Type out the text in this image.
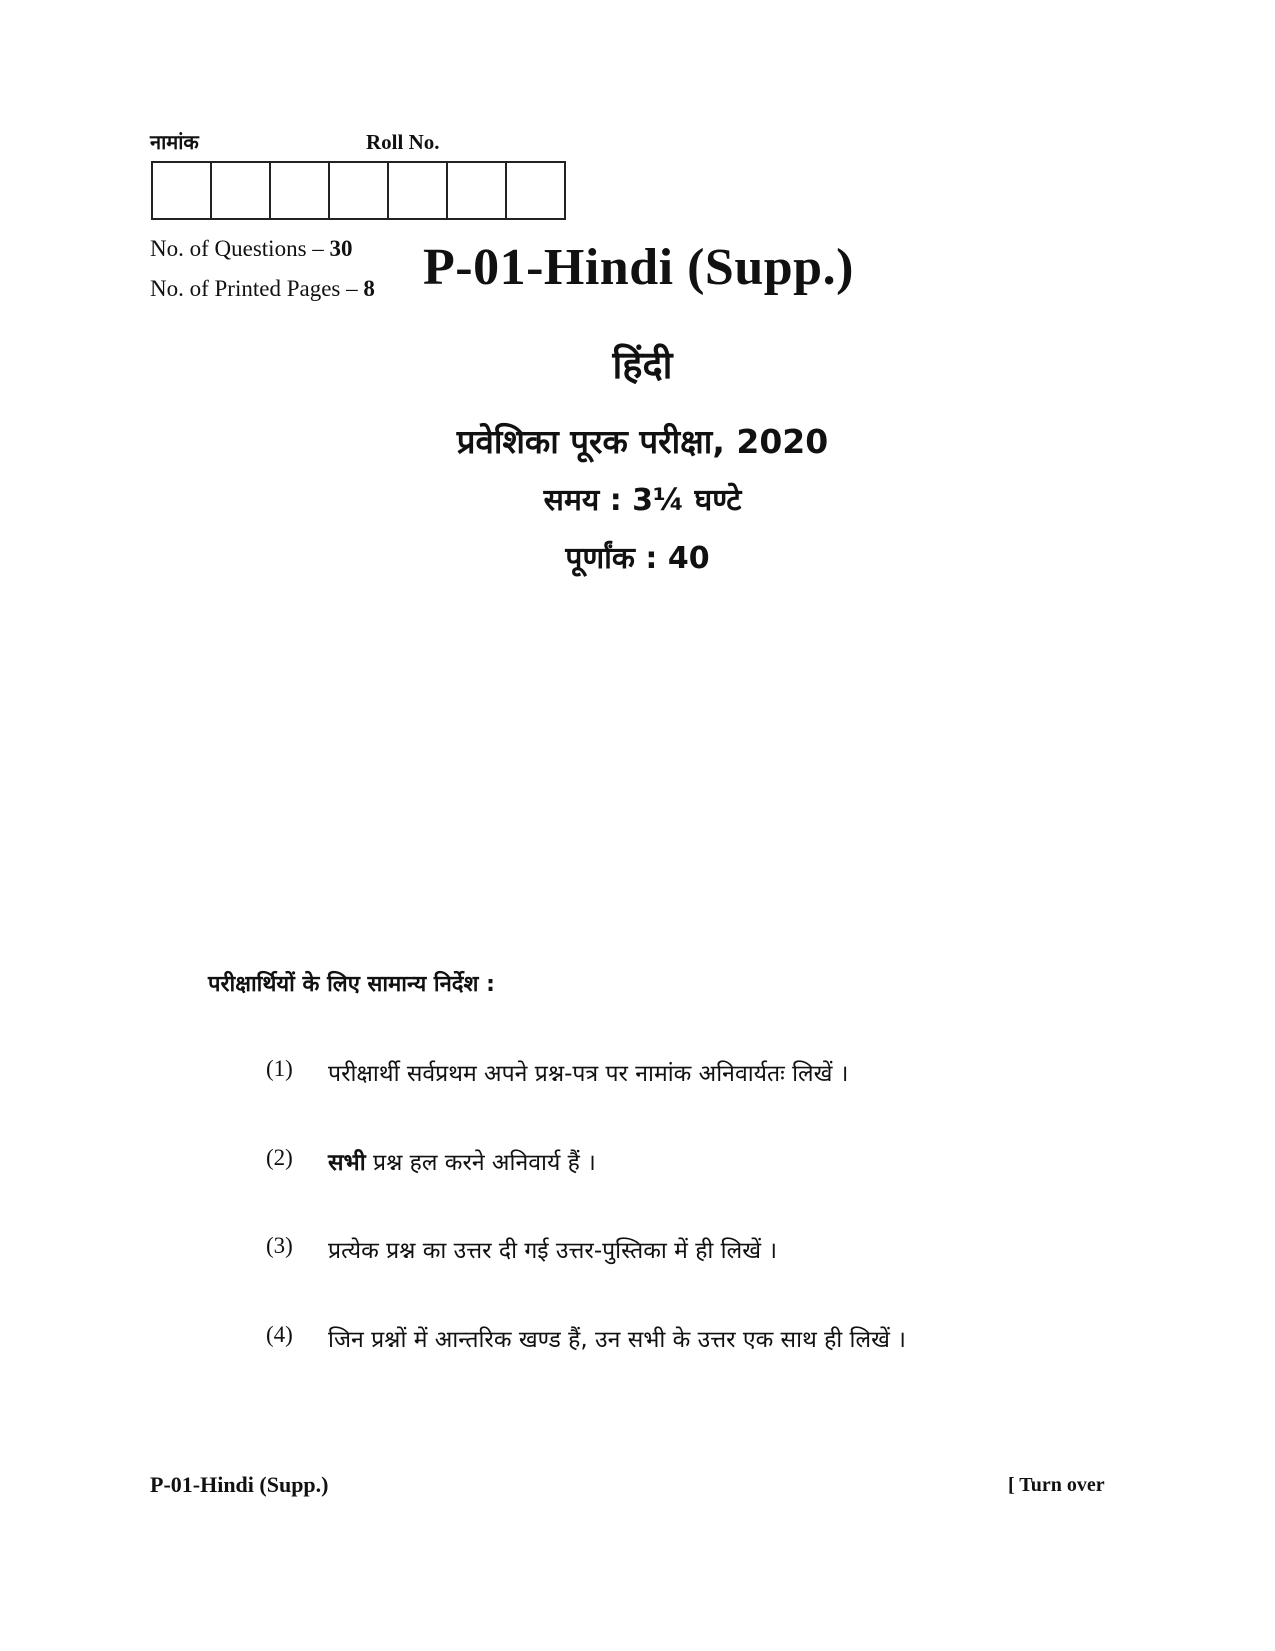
नामांक	Roll No.
No. of Questions – 30
No. of Printed Pages – 8 P-01-Hindi (Supp.)
हिंदी
प्रवेशिका पूरक परीक्षा, 2020
समय : 3¼ घण्टे
पूर्णांक : 40
परीक्षार्थियों के लिए सामान्य निर्देश :
(1)	परीक्षार्थी सर्वप्रथम अपने प्रश्न-पत्र पर नामांक अनिवार्यतः लिखें ।
(2)	सभी प्रश्न हल करने अनिवार्य हैं ।
(3)	प्रत्येक प्रश्न का उत्तर दी गई उत्तर-पुस्तिका में ही लिखें ।
(4)	जिन प्रश्नों में आन्तरिक खण्ड हैं, उन सभी के उत्तर एक साथ ही लिखें ।
P-01-Hindi (Supp.)	[ Turn over
